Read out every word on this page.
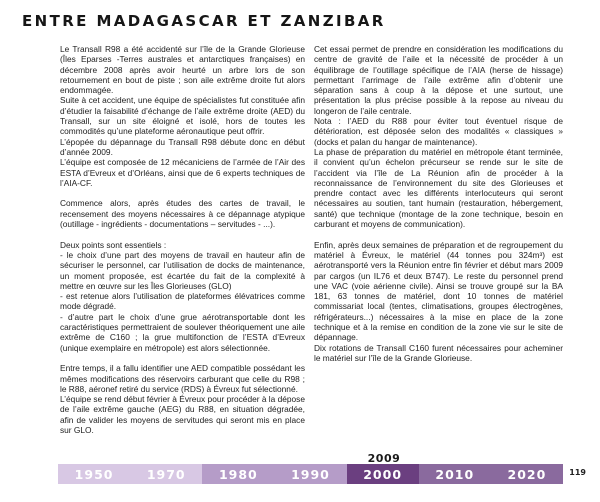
ENTRE MADAGASCAR ET ZANZIBAR

Le Transall R98 a été accidenté sur l’île de la Grande Glorieuse (Îles Eparses -Terres australes et antarctiques françaises) en décembre 2008 après avoir heurté un arbre lors de son retournement en bout de piste ; son aile extrême droite fut alors endommagée.

Suite à cet accident, une équipe de spécialistes fut constituée afin d’étudier la faisabilité d’échange de l’aile extrême droite (AED) du Transall, sur un site éloigné et isolé, hors de toutes les commodités qu’une plateforme aéronautique peut offrir.

L’épopée du dépannage du Transall R98 débute donc en début d’année 2009.

L’équipe est composée de 12 mécaniciens de l’armée de l’Air des ESTA d’Evreux et d’Orléans, ainsi que de 6 experts techniques de l’AIA-CF.

Commence alors, après études des cartes de travail, le recensement des moyens nécessaires à ce dépannage atypique (outillage - ingrédients - documentations – servitudes - ...).

Deux points sont essentiels :

- le choix d’une part des moyens de travail en hauteur afin de sécuriser le personnel, car l’utilisation de docks de maintenance, un moment proposée, est écartée du fait de la complexité à mettre en œuvre sur les Îles Glorieuses (GLO)

- est retenue alors l’utilisation de plateformes élévatrices comme mode dégradé.

- d’autre part le choix d’une grue aérotransportable dont les caractéristiques permettraient de soulever théoriquement une aile extrême de C160 ; la grue multifonction de l’ESTA d’Evreux (unique exemplaire en métropole) est alors sélectionnée.

Entre temps, il a fallu identifier une AED compatible possédant les mêmes modifications des réservoirs carburant que celle du R98 ; le R88, aéronef retiré du service (RDS) à Évreux fut sélectionné.

L’équipe se rend début février à Évreux pour procéder à la dépose de l’aile extrême gauche (AEG) du R88, en situation dégradée, afin de valider les moyens de servitudes qui seront mis en place sur GLO.

Cet essai permet de prendre en considération les modifications du centre de gravité de l’aile et la nécessité de procéder à un équilibrage de l’outillage spécifique de l’AIA (herse de hissage) permettant l’arrimage de l’aile extrême afin d’obtenir une séparation sans à coup à la dépose et une surtout, une présentation la plus précise possible à la repose au niveau du longeron de l’aile centrale.

Nota : l’AED du R88 pour éviter tout éventuel risque de détérioration, est déposée selon des modalités « classiques » (docks et palan du hangar de maintenance).

La phase de préparation du matériel en métropole étant terminée, il convient qu’un échelon précurseur se rende sur le site de l’accident via l’île de La Réunion afin de procéder à la reconnaissance de l’environnement du site des Glorieuses et prendre contact avec les différents interlocuteurs qui seront nécessaires au soutien, tant humain (restauration, hébergement, santé) que technique (montage de la zone technique, besoin en carburant et moyens de communication).

Enfin, après deux semaines de préparation et de regroupement du matériel à Évreux, le matériel (44 tonnes pou 324m³) est aérotransporté vers la Réunion entre fin février et début mars 2009 par cargos (un IL76 et deux B747). Le reste du personnel prend une VAC (voie aérienne civile). Ainsi se trouve groupé sur la BA 181, 63 tonnes de matériel, dont 10 tonnes de matériel commissariat local (tentes, climatisations, groupes électrogènes, réfrigérateurs...) nécessaires à la mise en place de la zone technique et à la remise en condition de la zone vie sur le site de dépannage.

Dix rotations de Transall C160 furent nécessaires pour acheminer le matériel sur l’île de la Grande Glorieuse.

2009
1950	1970	1980	1990	2000	2010	2020	119
